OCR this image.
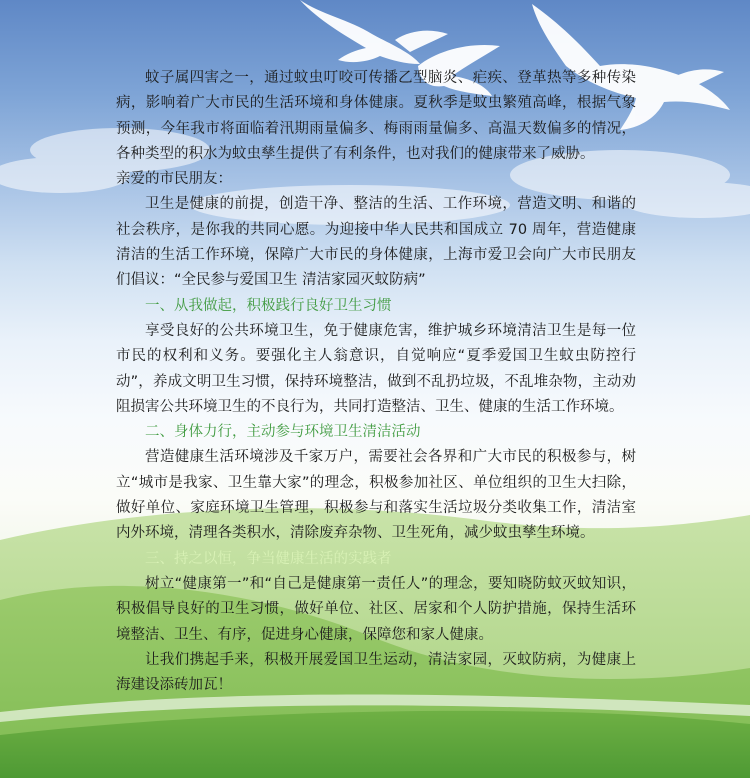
蚊子属四害之一，通过蚊虫叮咬可传播乙型脑炎、疟疾、登革热等多种传染病，影响着广大市民的生活环境和身体健康。夏秋季是蚊虫繁殖高峰，根据气象预测，今年我市将面临着汛期雨量偏多、梅雨雨量偏多、高温天数偏多的情况，各种类型的积水为蚊虫孳生提供了有利条件，也对我们的健康带来了威胁。

亲爱的市民朋友：

卫生是健康的前提，创造干净、整洁的生活、工作环境，营造文明、和谐的社会秩序，是你我的共同心愿。为迎接中华人民共和国成立 70 周年，营造健康清洁的生活工作环境，保障广大市民的身体健康，上海市爱卫会向广大市民朋友们倡议：“全民参与爱国卫生 清洁家园灭蚊防病”

一、从我做起，积极践行良好卫生习惯

享受良好的公共环境卫生，免于健康危害，维护城乡环境清洁卫生是每一位市民的权利和义务。要强化主人翁意识，自觉响应“夏季爱国卫生蚊虫防控行动”，养成文明卫生习惯，保持环境整洁，做到不乱扔垃圾，不乱堆杂物，主动劝阻损害公共环境卫生的不良行为，共同打造整洁、卫生、健康的生活工作环境。

二、身体力行，主动参与环境卫生清洁活动

营造健康生活环境涉及千家万户，需要社会各界和广大市民的积极参与，树立“城市是我家、卫生靠大家”的理念，积极参加社区、单位组织的卫生大扫除，做好单位、家庭环境卫生管理，积极参与和落实生活垃圾分类收集工作，清洁室内外环境，清理各类积水，清除废弃杂物、卫生死角，减少蚊虫孳生环境。

三、持之以恒，争当健康生活的实践者

树立“健康第一”和“自己是健康第一责任人”的理念，要知晓防蚊灭蚊知识，积极倡导良好的卫生习惯，做好单位、社区、居家和个人防护措施，保持生活环境整洁、卫生、有序，促进身心健康，保障您和家人健康。

让我们携起手来，积极开展爱国卫生运动，清洁家园，灭蚊防病，为健康上海建设添砖加瓦！
